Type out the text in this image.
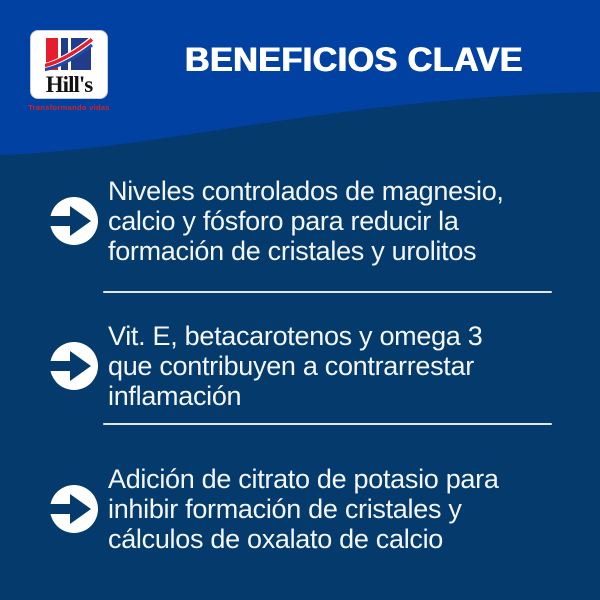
Hill's
Transformando vidas
BENEFICIOS CLAVE
Niveles controlados de magnesio,
calcio y fósforo para reducir la
formación de cristales y urolitos
Vit. E, betacarotenos y omega 3
que contribuyen a contrarrestar
inflamación
Adición de citrato de potasio para
inhibir formación de cristales y
cálculos de oxalato de calcio
